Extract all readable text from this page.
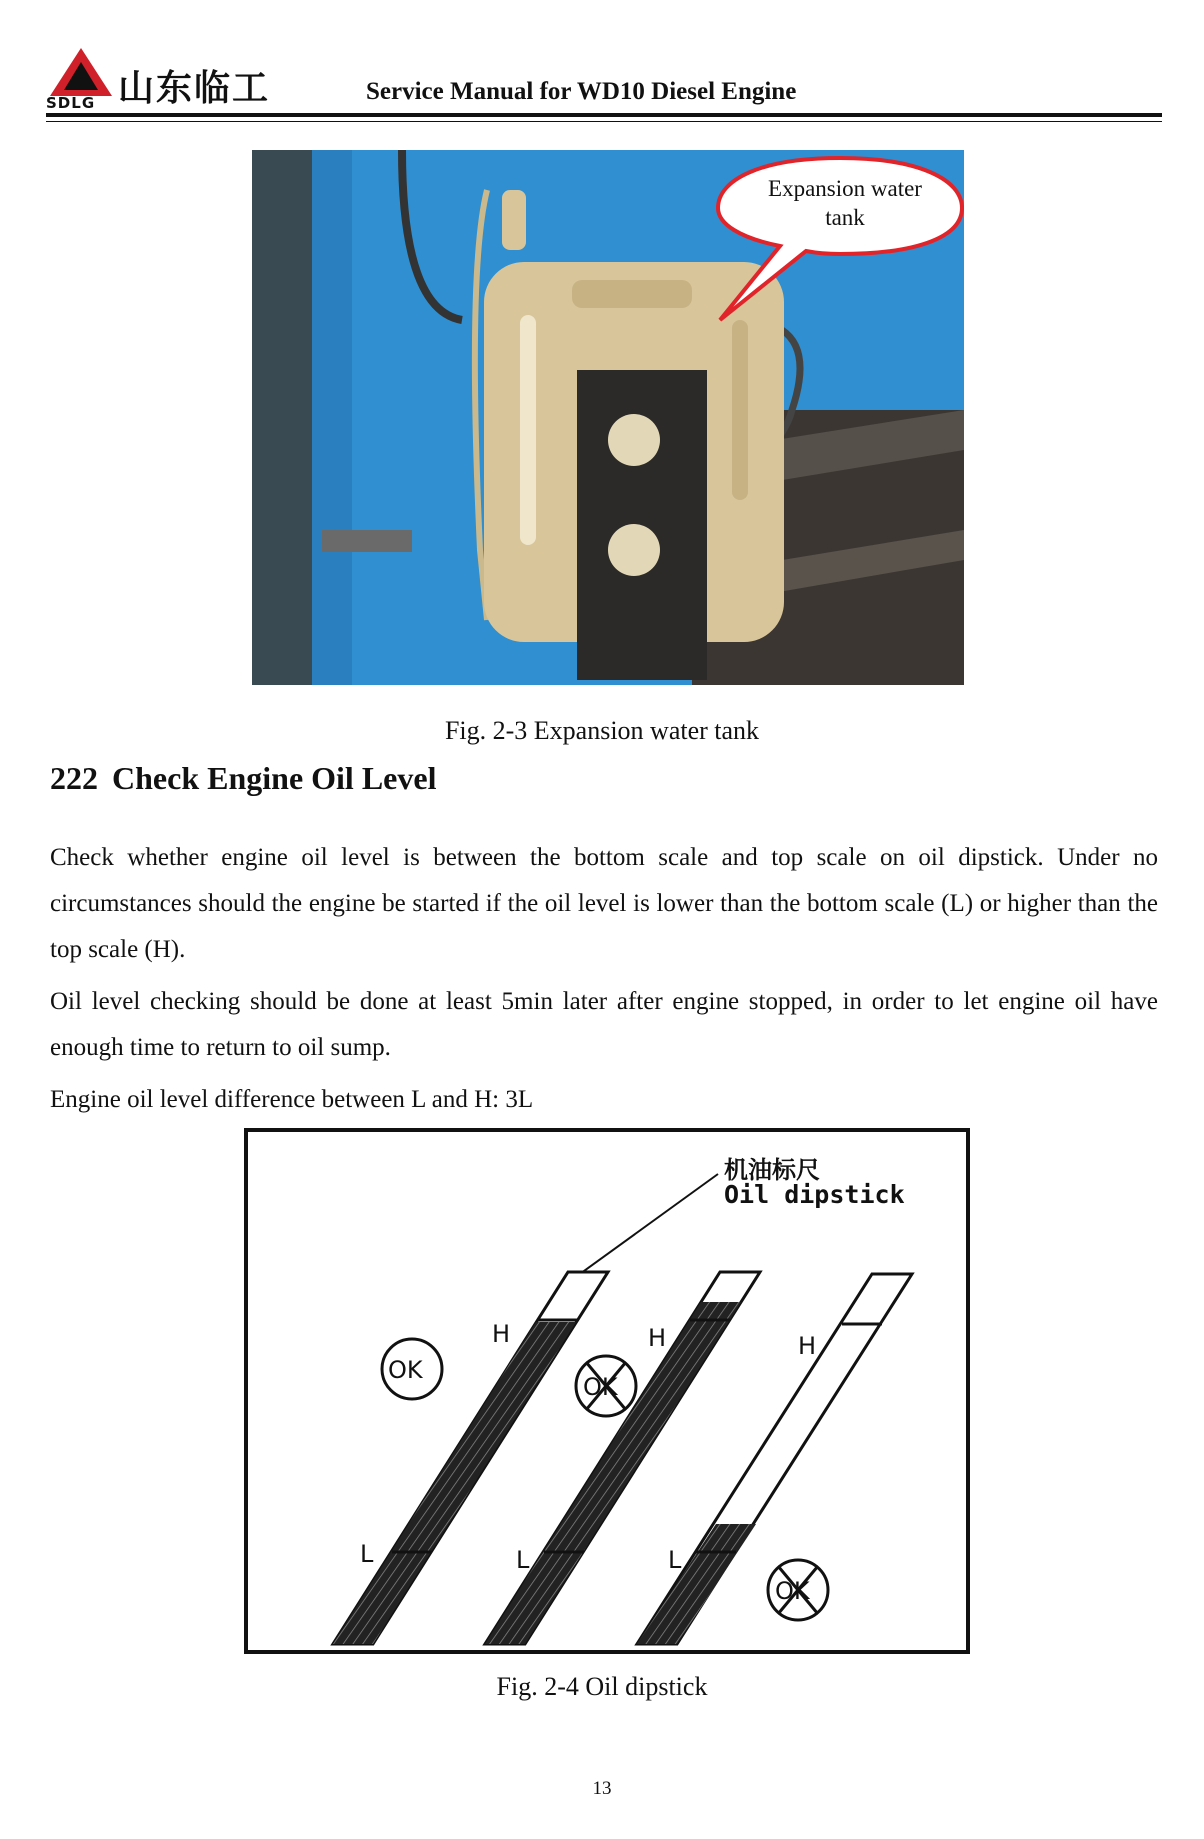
SDLG 山东临工	Service Manual for WD10 Diesel Engine
Expansion water
tank
Fig. 2-3 Expansion water tank
222 Check Engine Oil Level
Check whether engine oil level is between the bottom scale and top scale on oil dipstick. Under no circumstances should the engine be started if the oil level is lower than the bottom scale (L) or higher than the top scale (H).
Oil level checking should be done at least 5min later after engine stopped, in order to let engine oil have enough time to return to oil sump.
Engine oil level difference between L and H: 3L
机油标尺
Oil dipstick
H	H	H
L	L	L
OK
OK
OK
Fig. 2-4 Oil dipstick
13
